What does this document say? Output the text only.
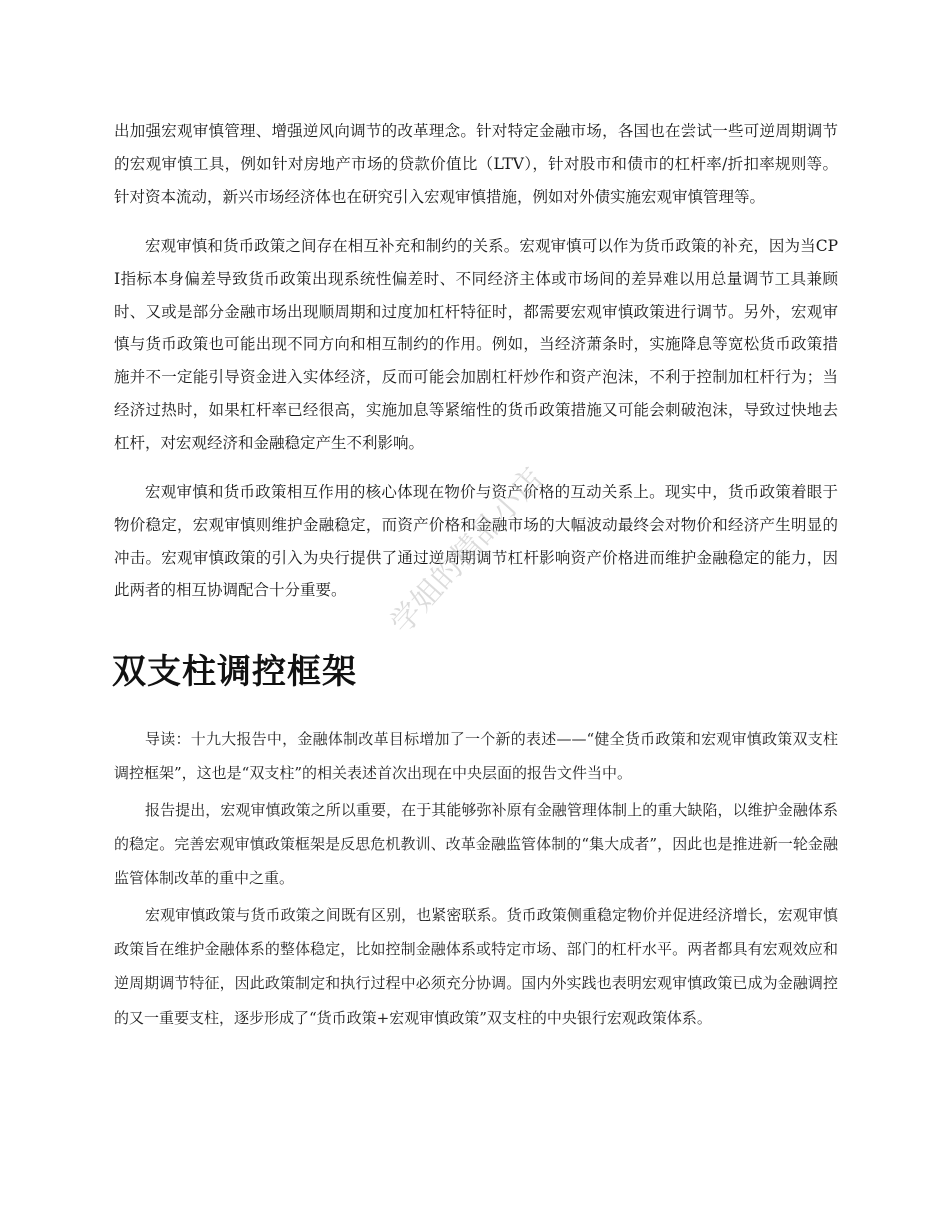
出加强宏观审慎管理、增强逆风向调节的改革理念。针对特定金融市场，各国也在尝试一些可逆周期调节的宏观审慎工具，例如针对房地产市场的贷款价值比（LTV），针对股市和债市的杠杆率/折扣率规则等。针对资本流动，新兴市场经济体也在研究引入宏观审慎措施，例如对外债实施宏观审慎管理等。

宏观审慎和货币政策之间存在相互补充和制约的关系。宏观审慎可以作为货币政策的补充，因为当CPI指标本身偏差导致货币政策出现系统性偏差时、不同经济主体或市场间的差异难以用总量调节工具兼顾时、又或是部分金融市场出现顺周期和过度加杠杆特征时，都需要宏观审慎政策进行调节。另外，宏观审慎与货币政策也可能出现不同方向和相互制约的作用。例如，当经济萧条时，实施降息等宽松货币政策措施并不一定能引导资金进入实体经济，反而可能会加剧杠杆炒作和资产泡沫，不利于控制加杠杆行为；当经济过热时，如果杠杆率已经很高，实施加息等紧缩性的货币政策措施又可能会刺破泡沫，导致过快地去杠杆，对宏观经济和金融稳定产生不利影响。

宏观审慎和货币政策相互作用的核心体现在物价与资产价格的互动关系上。现实中，货币政策着眼于物价稳定，宏观审慎则维护金融稳定，而资产价格和金融市场的大幅波动最终会对物价和经济产生明显的冲击。宏观审慎政策的引入为央行提供了通过逆周期调节杠杆影响资产价格进而维护金融稳定的能力，因此两者的相互协调配合十分重要。

双支柱调控框架

导读：十九大报告中，金融体制改革目标增加了一个新的表述——“健全货币政策和宏观审慎政策双支柱调控框架”，这也是“双支柱”的相关表述首次出现在中央层面的报告文件当中。

报告提出，宏观审慎政策之所以重要，在于其能够弥补原有金融管理体制上的重大缺陷，以维护金融体系的稳定。完善宏观审慎政策框架是反思危机教训、改革金融监管体制的“集大成者”，因此也是推进新一轮金融监管体制改革的重中之重。

宏观审慎政策与货币政策之间既有区别，也紧密联系。货币政策侧重稳定物价并促进经济增长，宏观审慎政策旨在维护金融体系的整体稳定，比如控制金融体系或特定市场、部门的杠杆水平。两者都具有宏观效应和逆周期调节特征，因此政策制定和执行过程中必须充分协调。国内外实践也表明宏观审慎政策已成为金融调控的又一重要支柱，逐步形成了“货币政策+宏观审慎政策”双支柱的中央银行宏观政策体系。

学姐的精品小店
